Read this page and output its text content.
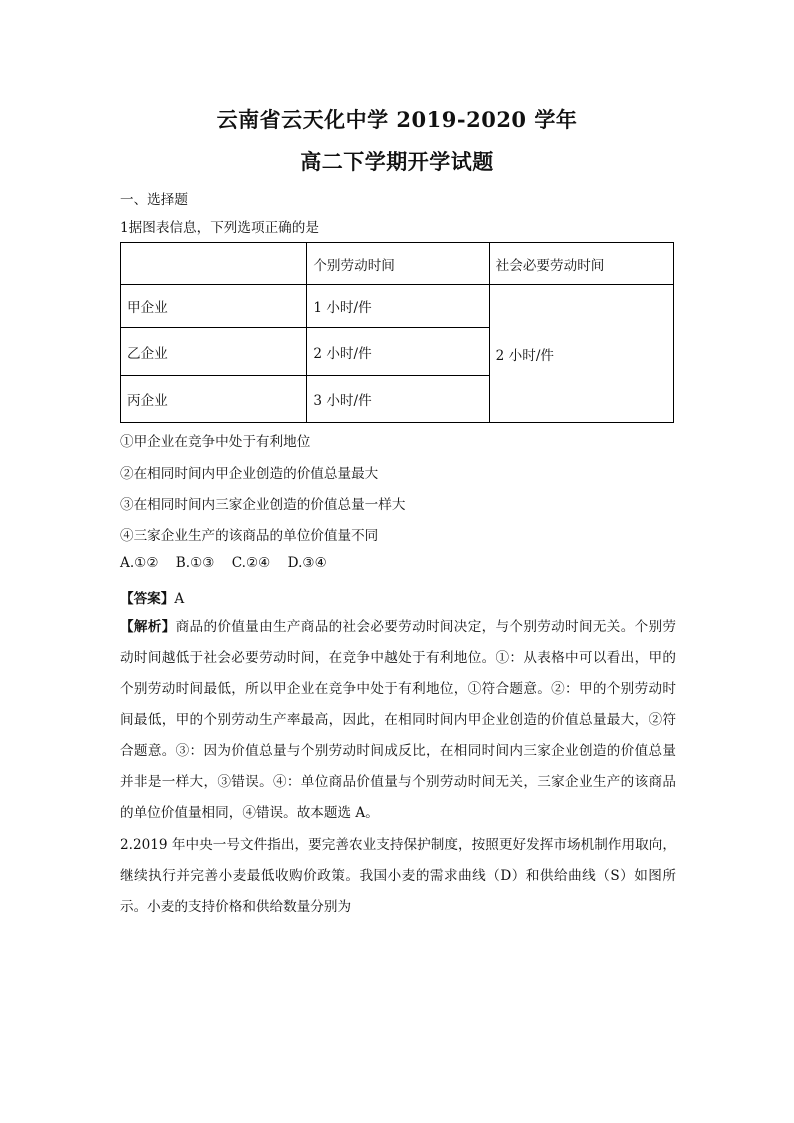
云南省云天化中学 2019-2020 学年
高二下学期开学试题
一、选择题
1据图表信息，下列选项正确的是
	个别劳动时间	社会必要劳动时间
甲企业	1 小时/件	2 小时/件
乙企业	2 小时/件	
丙企业	3 小时/件	
①甲企业在竞争中处于有利地位
②在相同时间内甲企业创造的价值总量最大
③在相同时间内三家企业创造的价值总量一样大
④三家企业生产的该商品的单位价值量不同
A.①②    B.①③    C.②④    D.③④
【答案】A
【解析】商品的价值量由生产商品的社会必要劳动时间决定，与个别劳动时间无关。个别劳动时间越低于社会必要劳动时间，在竞争中越处于有利地位。①：从表格中可以看出，甲的个别劳动时间最低，所以甲企业在竞争中处于有利地位，①符合题意。②：甲的个别劳动时间最低，甲的个别劳动生产率最高，因此，在相同时间内甲企业创造的价值总量最大，②符合题意。③：因为价值总量与个别劳动时间成反比，在相同时间内三家企业创造的价值总量并非是一样大，③错误。④：单位商品价值量与个别劳动时间无关，三家企业生产的该商品的单位价值量相同，④错误。故本题选 A。
2.2019 年中央一号文件指出，要完善农业支持保护制度，按照更好发挥市场机制作用取向，继续执行并完善小麦最低收购价政策。我国小麦的需求曲线（D）和供给曲线（S）如图所示。小麦的支持价格和供给数量分别为
